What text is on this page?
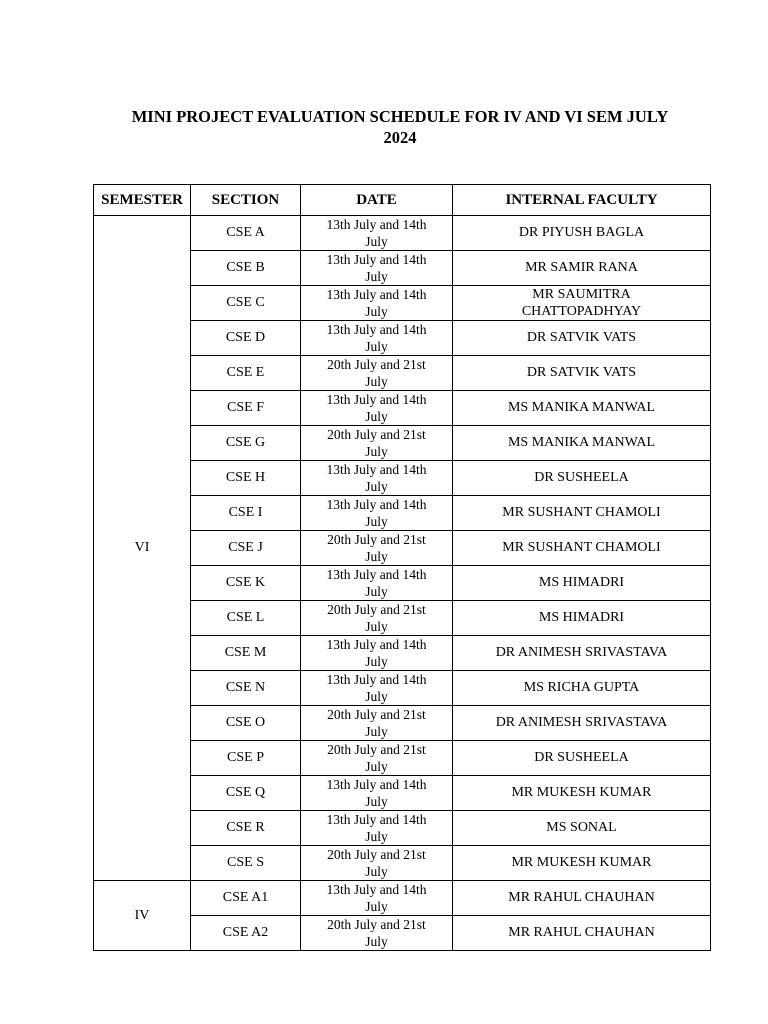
MINI PROJECT EVALUATION SCHEDULE FOR IV AND VI SEM JULY
2024
SEMESTER	SECTION	DATE	INTERNAL FACULTY
VI	CSE A	13th July and 14th
July	DR PIYUSH BAGLA

	CSE B	13th July and 14th
July	MR SAMIR RANA

	CSE C	13th July and 14th
July	MR SAUMITRA
CHATTOPADHYAY

	CSE D	13th July and 14th
July	DR SATVIK VATS

	CSE E	20th July and 21st
July	DR SATVIK VATS

	CSE F	13th July and 14th
July	MS MANIKA MANWAL

	CSE G	20th July and 21st
July	MS MANIKA MANWAL

	CSE H	13th July and 14th
July	DR SUSHEELA

	CSE I	13th July and 14th
July	MR SUSHANT CHAMOLI

	CSE J	20th July and 21st
July	MR SUSHANT CHAMOLI

	CSE K	13th July and 14th
July	MS HIMADRI

	CSE L	20th July and 21st
July	MS HIMADRI

	CSE M	13th July and 14th
July	DR ANIMESH SRIVASTAVA

	CSE N	13th July and 14th
July	MS RICHA GUPTA

	CSE O	20th July and 21st
July	DR ANIMESH SRIVASTAVA

	CSE P	20th July and 21st
July	DR SUSHEELA

	CSE Q	13th July and 14th
July	MR MUKESH KUMAR

	CSE R	13th July and 14th
July	MS SONAL

	CSE S	20th July and 21st
July	MR MUKESH KUMAR

IV	CSE A1	13th July and 14th
July	MR RAHUL CHAUHAN

	CSE A2	20th July and 21st
July	MR RAHUL CHAUHAN
